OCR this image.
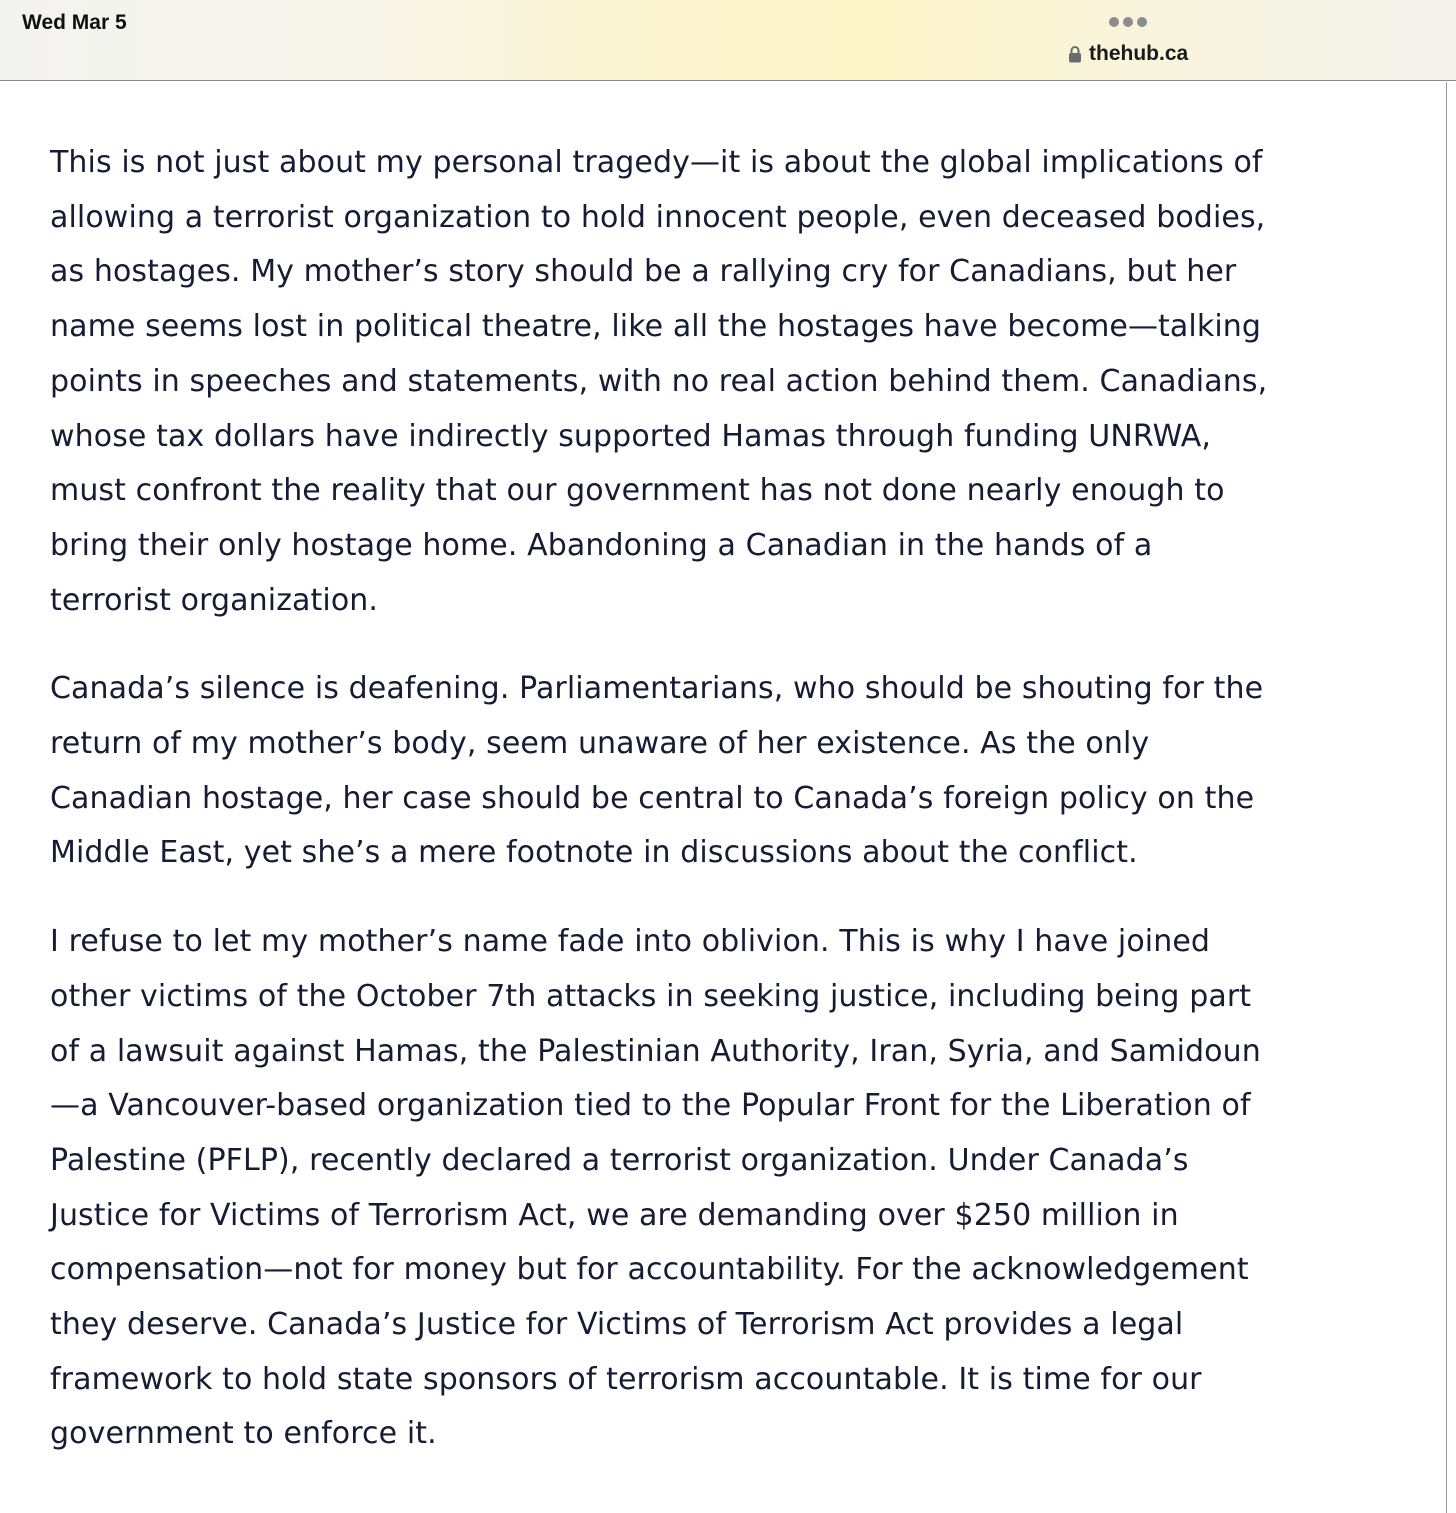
Wed Mar 5
thehub.ca

This is not just about my personal tragedy—it is about the global implications of allowing a terrorist organization to hold innocent people, even deceased bodies, as hostages. My mother’s story should be a rallying cry for Canadians, but her name seems lost in political theatre, like all the hostages have become—talking points in speeches and statements, with no real action behind them. Canadians, whose tax dollars have indirectly supported Hamas through funding UNRWA, must confront the reality that our government has not done nearly enough to bring their only hostage home. Abandoning a Canadian in the hands of a terrorist organization.

Canada’s silence is deafening. Parliamentarians, who should be shouting for the return of my mother’s body, seem unaware of her existence. As the only Canadian hostage, her case should be central to Canada’s foreign policy on the Middle East, yet she’s a mere footnote in discussions about the conflict.

I refuse to let my mother’s name fade into oblivion. This is why I have joined other victims of the October 7th attacks in seeking justice, including being part of a lawsuit against Hamas, the Palestinian Authority, Iran, Syria, and Samidoun—a Vancouver-based organization tied to the Popular Front for the Liberation of Palestine (PFLP), recently declared a terrorist organization. Under Canada’s Justice for Victims of Terrorism Act, we are demanding over $250 million in compensation—not for money but for accountability. For the acknowledgement they deserve. Canada’s Justice for Victims of Terrorism Act provides a legal framework to hold state sponsors of terrorism accountable. It is time for our government to enforce it.
